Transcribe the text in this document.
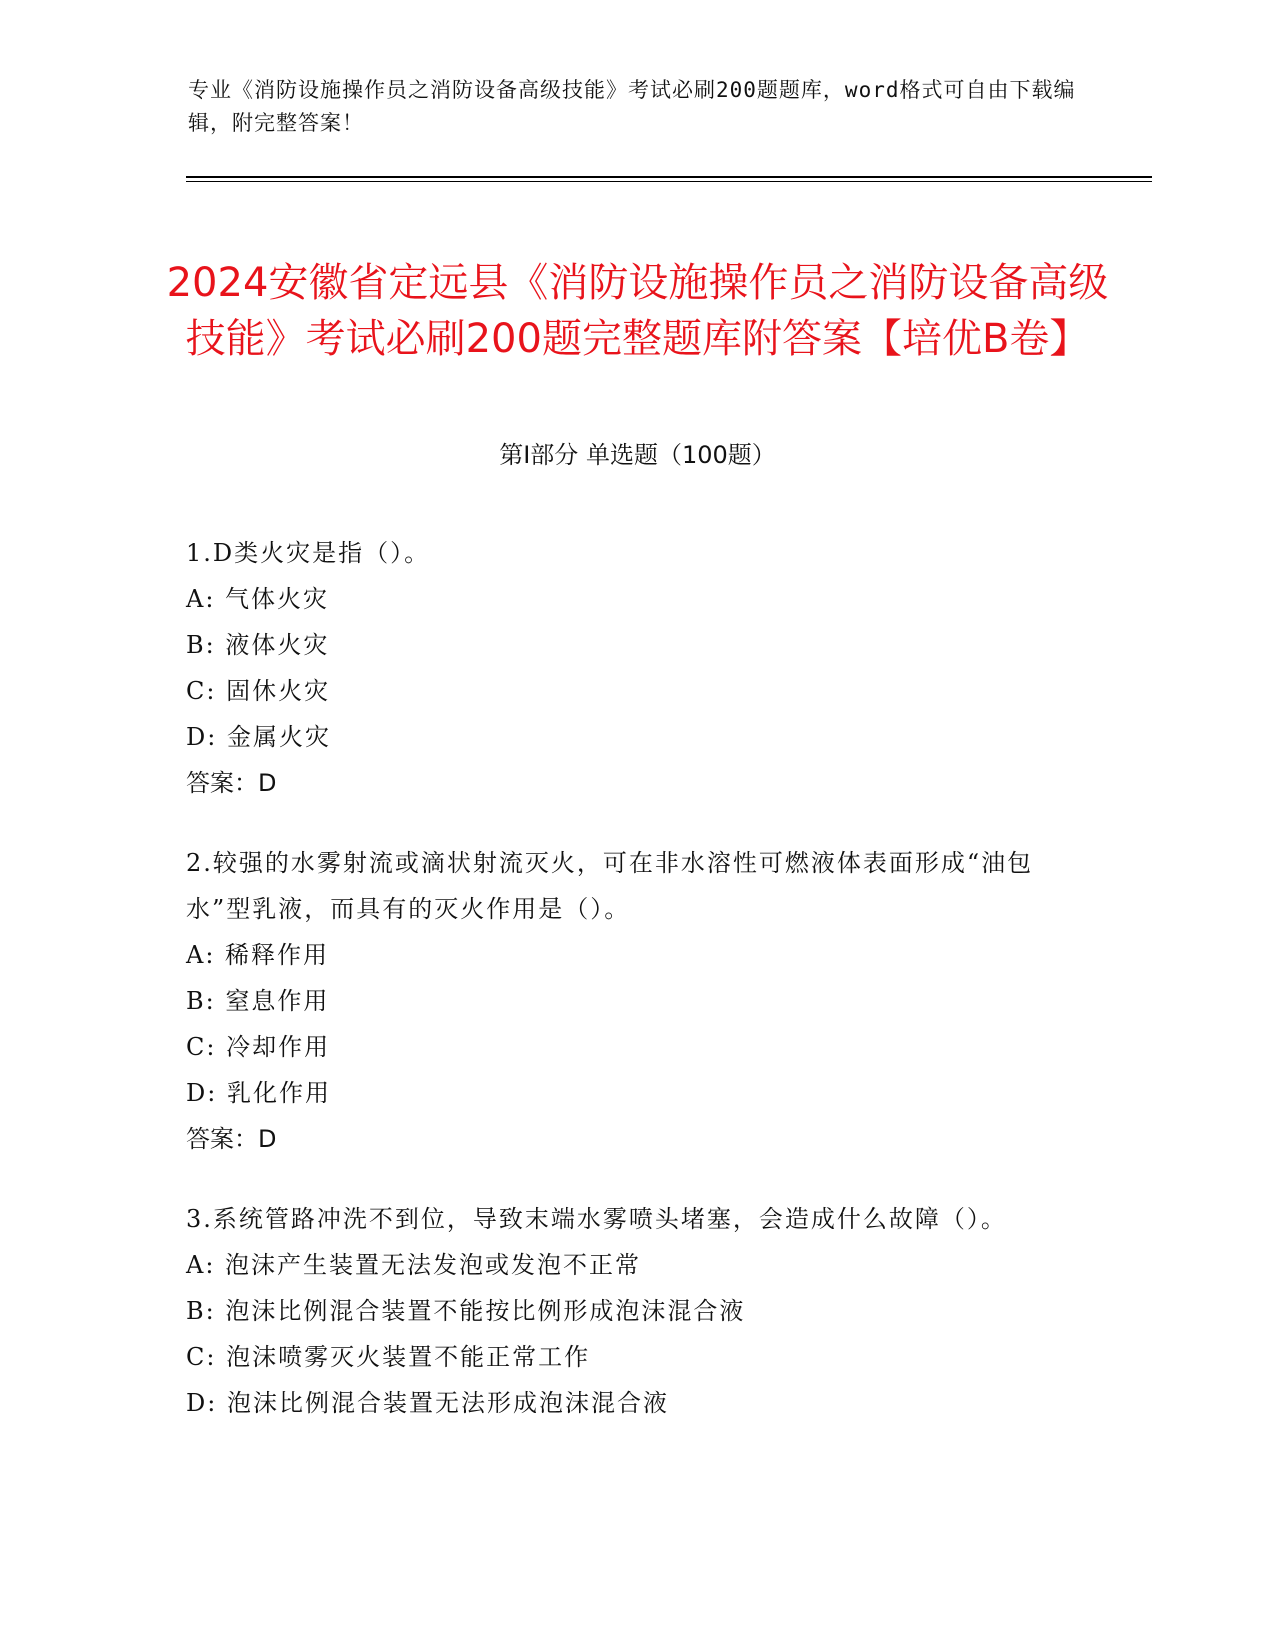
专业《消防设施操作员之消防设备高级技能》考试必刷200题题库，word格式可自由下载编辑，附完整答案！
2024安徽省定远县《消防设施操作员之消防设备高级技能》考试必刷200题完整题库附答案【培优B卷】
第Ⅰ部分 单选题（100题）
1.D类火灾是指（）。
A: 气体火灾
B: 液体火灾
C: 固休火灾
D: 金属火灾
答案：D
2.较强的水雾射流或滴状射流灭火，可在非水溶性可燃液体表面形成“油包水”型乳液，而具有的灭火作用是（）。
A: 稀释作用
B: 窒息作用
C: 冷却作用
D: 乳化作用
答案：D
3.系统管路冲洗不到位，导致末端水雾喷头堵塞，会造成什么故障（）。
A: 泡沫产生装置无法发泡或发泡不正常
B: 泡沫比例混合装置不能按比例形成泡沫混合液
C: 泡沫喷雾灭火装置不能正常工作
D: 泡沫比例混合装置无法形成泡沫混合液
